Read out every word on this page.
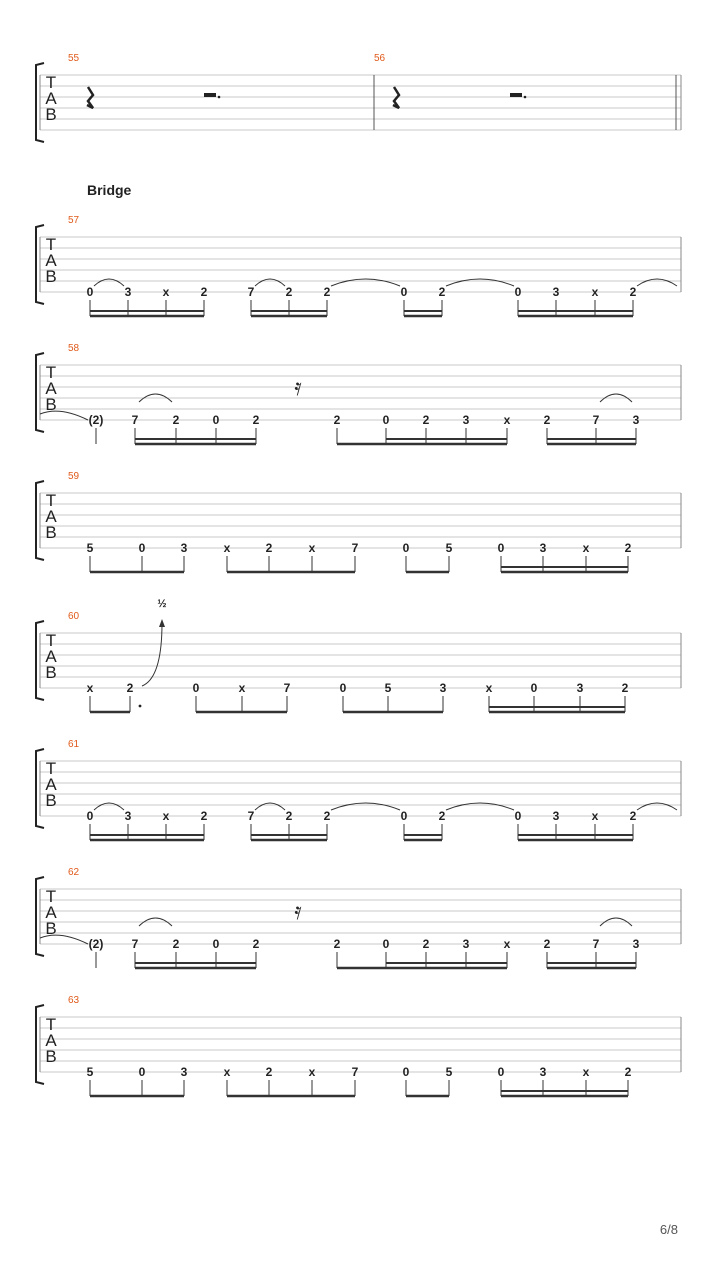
Bridge
6/8
T
A
B
55	56
T
A
B
57
0	3	x	2	7	2	2	0	2	0	3	x	2
T
A
B
58
(2) 7	2	0	2	2	0	2	3	x	2	7	3
𝄿
T
A
B
59
5	0	3	x	2	x	7	0	5	0	3	x	2
T
A
B
60
x	2	0	x	7	0	5	3	x	0	3	2
½
T
A
B
61
0	3	x	2	7	2	2	0	2	0	3	x	2
T
A
B
62
(2) 7	2	0	2	2	0	2	3	x	2	7	3
𝄿
T
A
B
63
5	0	3	x	2	x	7	0	5	0	3	x	2
